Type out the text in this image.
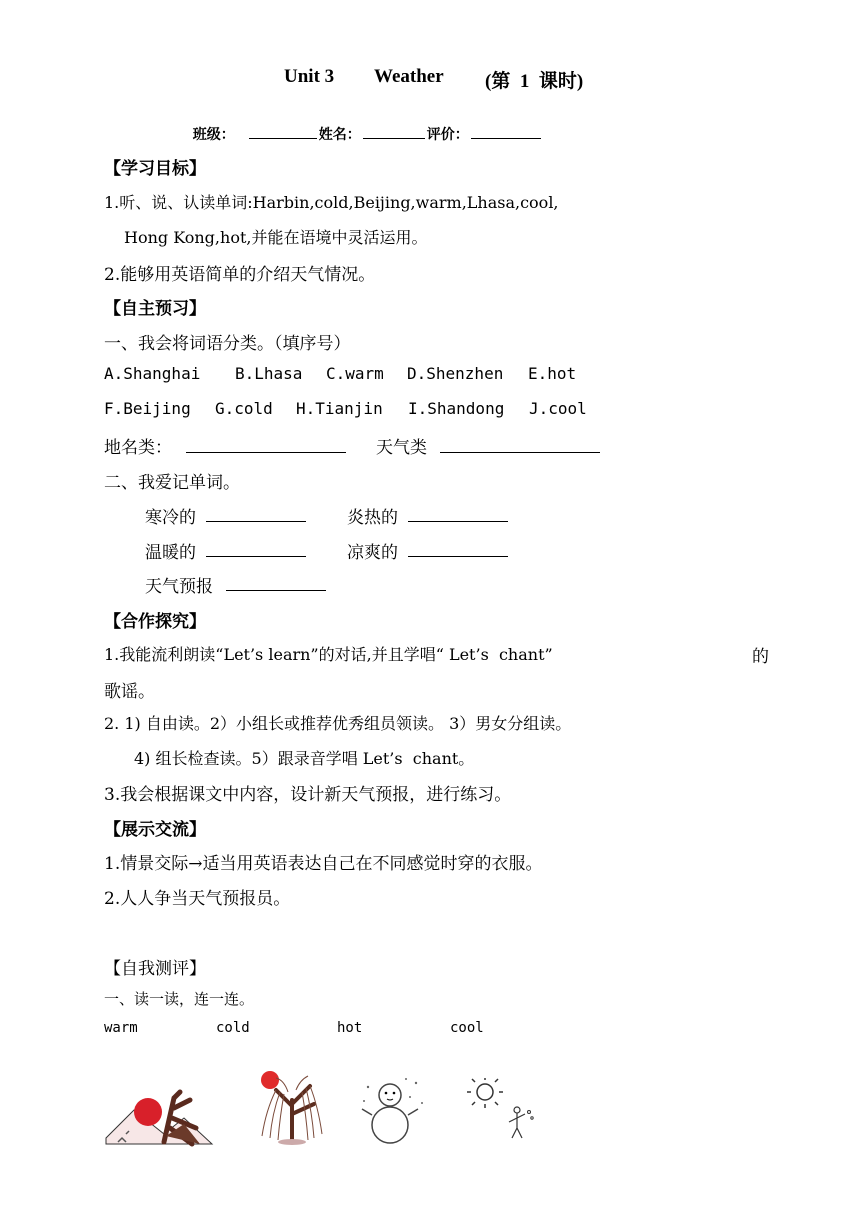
Unit 3 Weather (第  1  课时)

班级：	姓名：	评价：

【学习目标】
1.听、说、认读单词:Harbin,cold,Beijing,warm,Lhasa,cool,
Hong Kong,hot,并能在语境中灵活运用。
2.能够用英语简单的介绍天气情况。
【自主预习】
一、我会将词语分类。（填序号）
A.Shanghai B.Lhasa C.warm D.Shenzhen E.hot
F.Beijing G.cold H.Tianjin I.Shandong J.cool
地名类：	天气类
二、我爱记单词。
寒冷的	炎热的
温暖的	凉爽的
天气预报
【合作探究】
1.我能流利朗读“Let’s learn”的对话,并且学唱“ Let’s  chant”	的
歌谣。
2. 1) 自由读。2）小组长或推荐优秀组员领读。 3）男女分组读。
4) 组长检查读。5）跟录音学唱 Let’s  chant。
3.我会根据课文中内容，设计新天气预报，进行练习。
【展示交流】
1.情景交际→适当用英语表达自己在不同感觉时穿的衣服。
2.人人争当天气预报员。
【自我测评】
一、读一读，连一连。
warm	cold	hot	cool
